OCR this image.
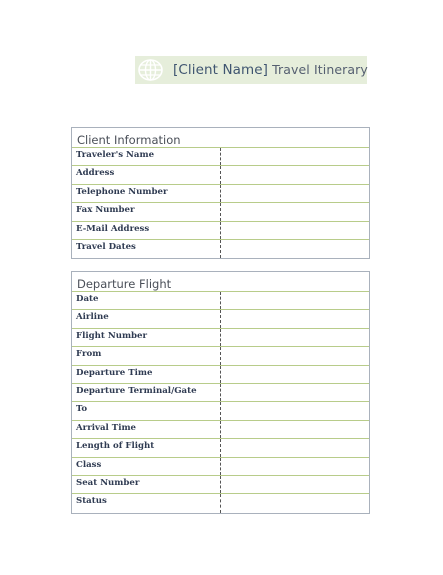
[Client Name] Travel Itinerary
Client Information
Traveler's Name
Address
Telephone Number
Fax Number
E-Mail Address
Travel Dates
Departure Flight
Date
Airline
Flight Number
From
Departure Time
Departure Terminal/Gate
To
Arrival Time
Length of Flight
Class
Seat Number
Status
